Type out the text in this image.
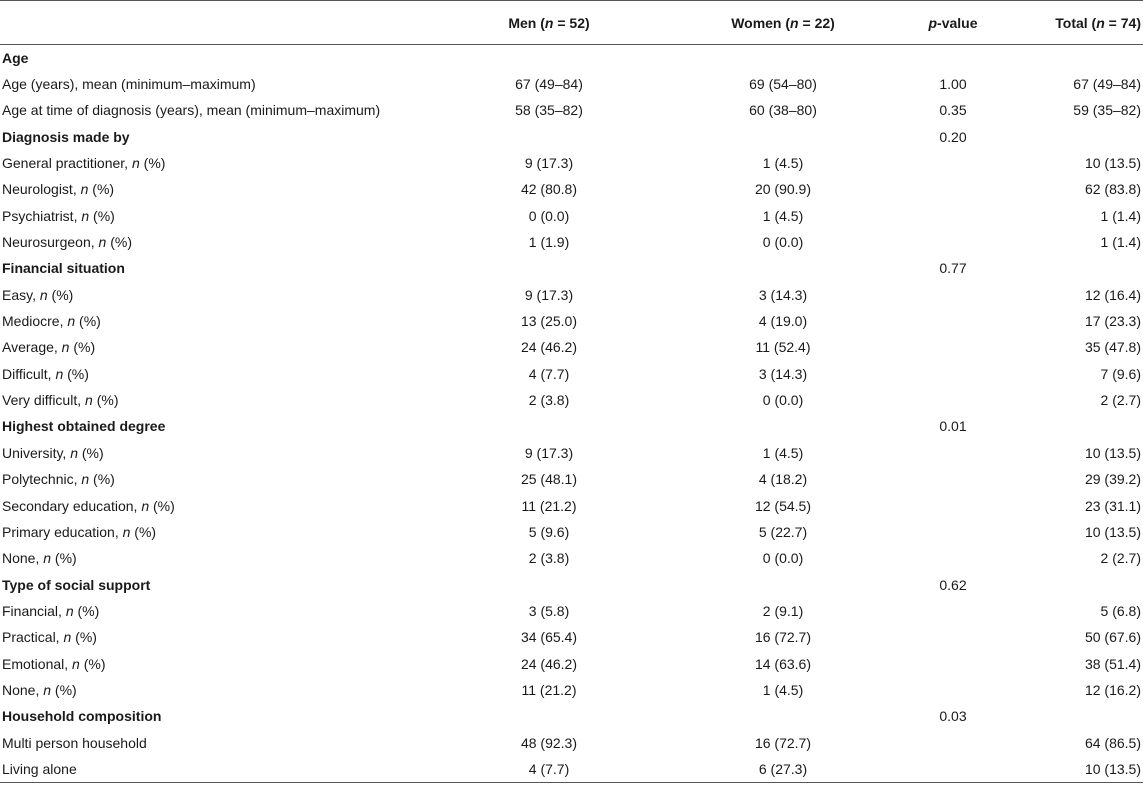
	Men (n = 52)	Women (n = 22)	p-value	Total (n = 74)
Age				
Age (years), mean (minimum–maximum)	67 (49–84)	69 (54–80)	1.00	67 (49–84)
Age at time of diagnosis (years), mean (minimum–maximum)	58 (35–82)	60 (38–80)	0.35	59 (35–82)
Diagnosis made by			0.20	
General practitioner, n (%)	9 (17.3)	1 (4.5)		10 (13.5)
Neurologist, n (%)	42 (80.8)	20 (90.9)		62 (83.8)
Psychiatrist, n (%)	0 (0.0)	1 (4.5)		1 (1.4)
Neurosurgeon, n (%)	1 (1.9)	0 (0.0)		1 (1.4)
Financial situation			0.77	
Easy, n (%)	9 (17.3)	3 (14.3)		12 (16.4)
Mediocre, n (%)	13 (25.0)	4 (19.0)		17 (23.3)
Average, n (%)	24 (46.2)	11 (52.4)		35 (47.8)
Difficult, n (%)	4 (7.7)	3 (14.3)		7 (9.6)
Very difficult, n (%)	2 (3.8)	0 (0.0)		2 (2.7)
Highest obtained degree			0.01	
University, n (%)	9 (17.3)	1 (4.5)		10 (13.5)
Polytechnic, n (%)	25 (48.1)	4 (18.2)		29 (39.2)
Secondary education, n (%)	11 (21.2)	12 (54.5)		23 (31.1)
Primary education, n (%)	5 (9.6)	5 (22.7)		10 (13.5)
None, n (%)	2 (3.8)	0 (0.0)		2 (2.7)
Type of social support			0.62	
Financial, n (%)	3 (5.8)	2 (9.1)		5 (6.8)
Practical, n (%)	34 (65.4)	16 (72.7)		50 (67.6)
Emotional, n (%)	24 (46.2)	14 (63.6)		38 (51.4)
None, n (%)	11 (21.2)	1 (4.5)		12 (16.2)
Household composition			0.03	
Multi person household	48 (92.3)	16 (72.7)		64 (86.5)
Living alone	4 (7.7)	6 (27.3)		10 (13.5)
